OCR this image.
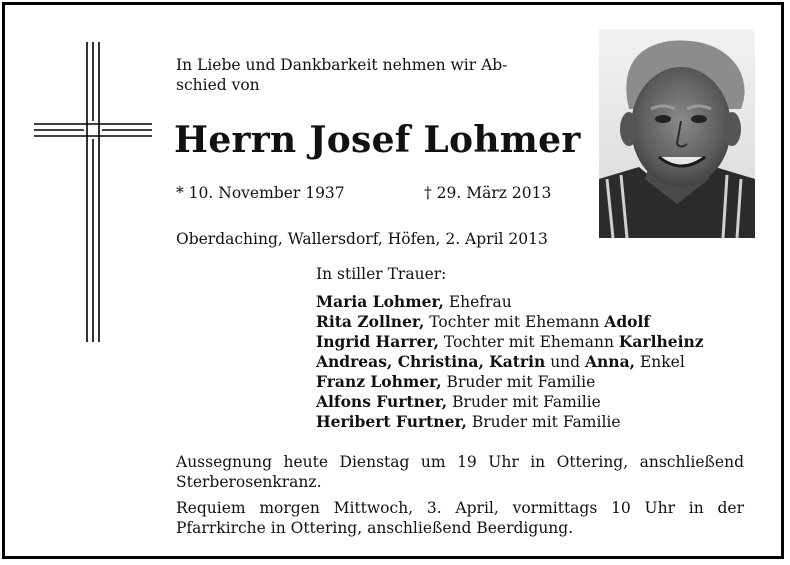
In Liebe und Dankbarkeit nehmen wir Ab-
schied von
Herrn Josef Lohmer
* 10. November 1937	† 29. März 2013
Oberdaching, Wallersdorf, Höfen, 2. April 2013
In stiller Trauer:
Maria Lohmer, Ehefrau
Rita Zollner, Tochter mit Ehemann Adolf
Ingrid Harrer, Tochter mit Ehemann Karlheinz
Andreas, Christina, Katrin und Anna, Enkel
Franz Lohmer, Bruder mit Familie
Alfons Furtner, Bruder mit Familie
Heribert Furtner, Bruder mit Familie
Aussegnung heute Dienstag um 19 Uhr in Ottering, anschließend Sterberosenkranz.
Requiem morgen Mittwoch, 3. April, vormittags 10 Uhr in der Pfarrkirche in Ottering, anschließend Beerdigung.
